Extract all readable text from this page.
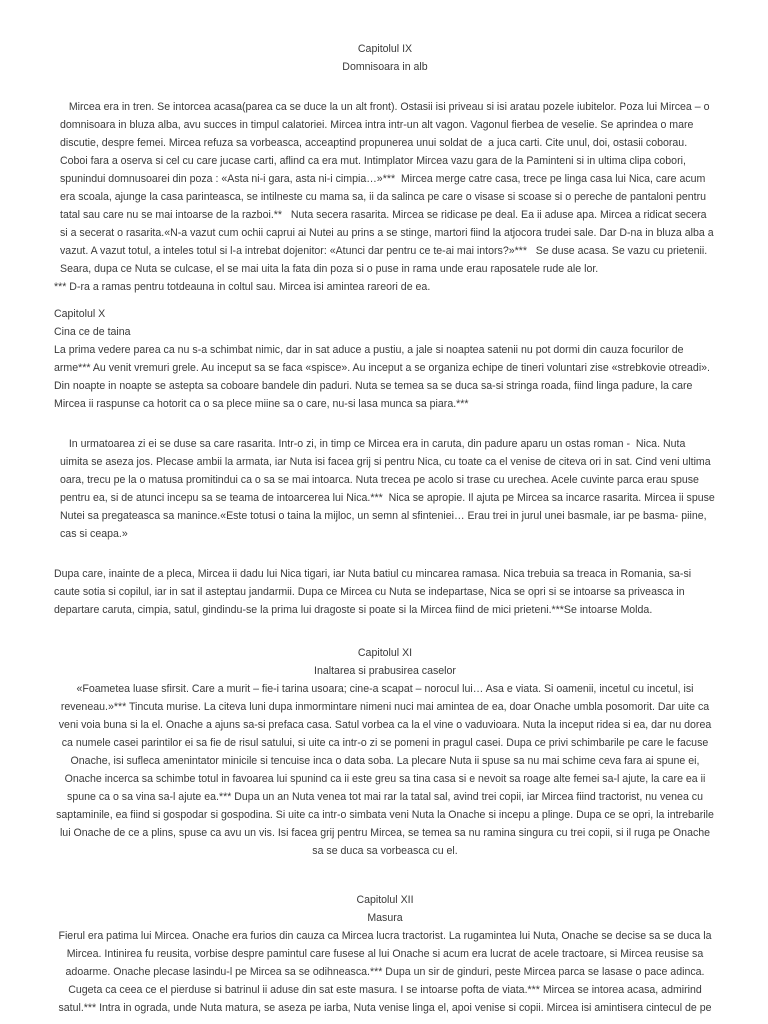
Capitolul IX

Domnisoara in alb

Mircea era in tren. Se intorcea acasa(parea ca se duce la un alt front). Ostasii isi priveau si isi aratau pozele iubitelor. Poza lui Mircea – o domnisoara in bluza alba, avu succes in timpul calatoriei. Mircea intra intr-un alt vagon. Vagonul fierbea de veselie. Se aprindea o mare discutie, despre femei. Mircea refuza sa vorbeasca, acceaptind propunerea unui soldat de  a juca carti. Cite unul, doi, ostasii coborau. Coboi fara a oserva si cel cu care jucase carti, aflind ca era mut. Intimplator Mircea vazu gara de la Paminteni si in ultima clipa cobori, spunindui domnusoarei din poza : «Asta ni-i gara, asta ni-i cimpia…»***  Mircea merge catre casa, trece pe linga casa lui Nica, care acum era scoala, ajunge la casa parinteasca, se intilneste cu mama sa, ii da salinca pe care o visase si scoase si o pereche de pantaloni pentru tatal sau care nu se mai intoarse de la razboi.**   Nuta secera rasarita. Mircea se ridicase pe deal. Ea ii aduse apa. Mircea a ridicat secera si a secerat o rasarita.«N-a vazut cum ochii caprui ai Nutei au prins a se stinge, martori fiind la atjocora trudei sale. Dar D-na in bluza alba a vazut. A vazut totul, a inteles totul si l-a intrebat dojenitor: «Atunci dar pentru ce te-ai mai intors?»***   Se duse acasa. Se vazu cu prietenii. Seara, dupa ce Nuta se culcase, el se mai uita la fata din poza si o puse in rama unde erau raposatele rude ale lor.

*** D-ra a ramas pentru totdeauna in coltul sau. Mircea isi amintea rareori de ea.

Capitolul X

Cina ce de taina

La prima vedere parea ca nu s-a schimbat nimic, dar in sat aduce a pustiu, a jale si noaptea satenii nu pot dormi din cauza focurilor de arme*** Au venit vremuri grele. Au inceput sa se faca «spisce». Au inceput a se organiza echipe de tineri voluntari zise «strebkovie otreadi». Din noapte in noapte se astepta sa coboare bandele din paduri. Nuta se temea sa se duca sa-si stringa roada, fiind linga padure, la care Mircea ii raspunse ca hotorit ca o sa plece miine sa o care, nu-si lasa munca sa piara.***

In urmatoarea zi ei se duse sa care rasarita. Intr-o zi, in timp ce Mircea era in caruta, din padure aparu un ostas roman -  Nica. Nuta uimita se aseza jos. Plecase ambii la armata, iar Nuta isi facea grij si pentru Nica, cu toate ca el venise de citeva ori in sat. Cind veni ultima oara, trecu pe la o matusa promitindui ca o sa se mai intoarca. Nuta trecea pe acolo si trase cu urechea. Acele cuvinte parca erau spuse pentru ea, si de atunci incepu sa se teama de intoarcerea lui Nica.***  Nica se apropie. Il ajuta pe Mircea sa incarce rasarita. Mircea ii spuse Nutei sa pregateasca sa manince.«Este totusi o taina la mijloc, un semn al sfinteniei… Erau trei in jurul unei basmale, iar pe basma- piine, cas si ceapa.»

Dupa care, inainte de a pleca, Mircea ii dadu lui Nica tigari, iar Nuta batiul cu mincarea ramasa. Nica trebuia sa treaca in Romania, sa-si caute sotia si copilul, iar in sat il asteptau jandarmii. Dupa ce Mircea cu Nuta se indepartase, Nica se opri si se intoarse sa priveasca in departare caruta, cimpia, satul, gindindu-se la prima lui dragoste si poate si la Mircea fiind de mici prieteni.***Se intoarse Molda.

Capitolul XI

Inaltarea si prabusirea caselor

«Foametea luase sfirsit. Care a murit – fie-i tarina usoara; cine-a scapat – norocul lui… Asa e viata. Si oamenii, incetul cu incetul, isi reveneau.»*** Tincuta murise. La citeva luni dupa inmormintare nimeni nuci mai amintea de ea, doar Onache umbla posomorit. Dar uite ca veni voia buna si la el. Onache a ajuns sa-si prefaca casa. Satul vorbea ca la el vine o vaduvioara. Nuta la inceput ridea si ea, dar nu dorea ca numele casei parintilor ei sa fie de risul satului, si uite ca intr-o zi se pomeni in pragul casei. Dupa ce privi schimbarile pe care le facuse Onache, isi sufleca amenintator minicile si tencuise inca o data soba. La plecare Nuta ii spuse sa nu mai schime ceva fara ai spune ei, Onache incerca sa schimbe totul in favoarea lui spunind ca ii este greu sa tina casa si e nevoit sa roage alte femei sa-l ajute, la care ea ii spune ca o sa vina sa-l ajute ea.*** Dupa un an Nuta venea tot mai rar la tatal sal, avind trei copii, iar Mircea fiind tractorist, nu venea cu saptaminile, ea fiind si gospodar si gospodina. Si uite ca intr-o simbata veni Nuta la Onache si incepu a plinge. Dupa ce se opri, la intrebarile lui Onache de ce a plins, spuse ca avu un vis. Isi facea grij pentru Mircea, se temea sa nu ramina singura cu trei copii, si il ruga pe Onache sa se duca sa vorbeasca cu el.

Capitolul XII

Masura

Fierul era patima lui Mircea. Onache era furios din cauza ca Mircea lucra tractorist. La rugamintea lui Nuta, Onache se decise sa se duca la Mircea. Intinirea fu reusita, vorbise despre pamintul care fusese al lui Onache si acum era lucrat de acele tractoare, si Mircea reusise sa adoarme. Onache plecase lasindu-l pe Mircea sa se odihneasca.*** Dupa un sir de ginduri, peste Mircea parca se lasase o pace adinca. Cugeta ca ceea ce el pierduse si batrinul ii aduse din sat este masura. I se intoarse pofta de viata.*** Mircea se intorea acasa, admirind satul.*** Intra in ograda, unde Nuta matura, se aseza pe iarba, Nuta venise linga el, apoi venise si copii. Mircea isi amintisera cintecul de pe
